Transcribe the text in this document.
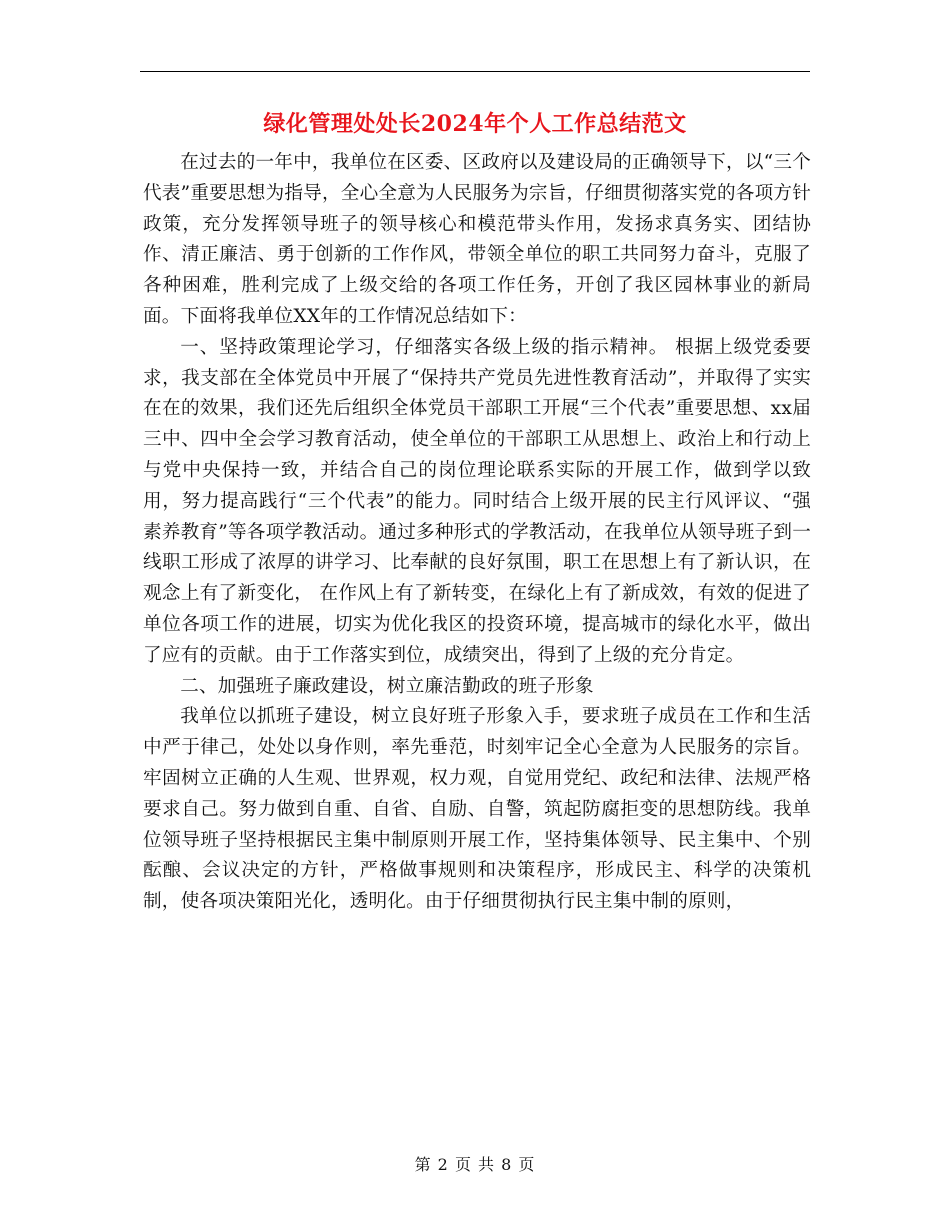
绿化管理处处长2024年个人工作总结范文

在过去的一年中，我单位在区委、区政府以及建设局的正确领导下，以“三个代表”重要思想为指导，全心全意为人民服务为宗旨，仔细贯彻落实党的各项方针政策，充分发挥领导班子的领导核心和模范带头作用，发扬求真务实、团结协作、清正廉洁、勇于创新的工作作风，带领全单位的职工共同努力奋斗，克服了各种困难，胜利完成了上级交给的各项工作任务，开创了我区园林事业的新局面。下面将我单位XX年的工作情况总结如下：

一、坚持政策理论学习，仔细落实各级上级的指示精神。 根据上级党委要求，我支部在全体党员中开展了“保持共产党员先进性教育活动”，并取得了实实在在的效果，我们还先后组织全体党员干部职工开展“三个代表”重要思想、xx届三中、四中全会学习教育活动，使全单位的干部职工从思想上、政治上和行动上与党中央保持一致，并结合自己的岗位理论联系实际的开展工作，做到学以致用，努力提高践行“三个代表”的能力。同时结合上级开展的民主行风评议、“强素养教育”等各项学教活动。通过多种形式的学教活动，在我单位从领导班子到一线职工形成了浓厚的讲学习、比奉献的良好氛围，职工在思想上有了新认识，在观念上有了新变化， 在作风上有了新转变，在绿化上有了新成效，有效的促进了单位各项工作的进展，切实为优化我区的投资环境，提高城市的绿化水平，做出了应有的贡献。由于工作落实到位，成绩突出，得到了上级的充分肯定。

二、加强班子廉政建设，树立廉洁勤政的班子形象

我单位以抓班子建设，树立良好班子形象入手，要求班子成员在工作和生活中严于律己，处处以身作则，率先垂范，时刻牢记全心全意为人民服务的宗旨。牢固树立正确的人生观、世界观，权力观，自觉用党纪、政纪和法律、法规严格要求自己。努力做到自重、自省、自励、自警，筑起防腐拒变的思想防线。我单位领导班子坚持根据民主集中制原则开展工作，坚持集体领导、民主集中、个别酝酿、会议决定的方针，严格做事规则和决策程序，形成民主、科学的决策机制，使各项决策阳光化，透明化。由于仔细贯彻执行民主集中制的原则，

第 2 页 共 8 页
